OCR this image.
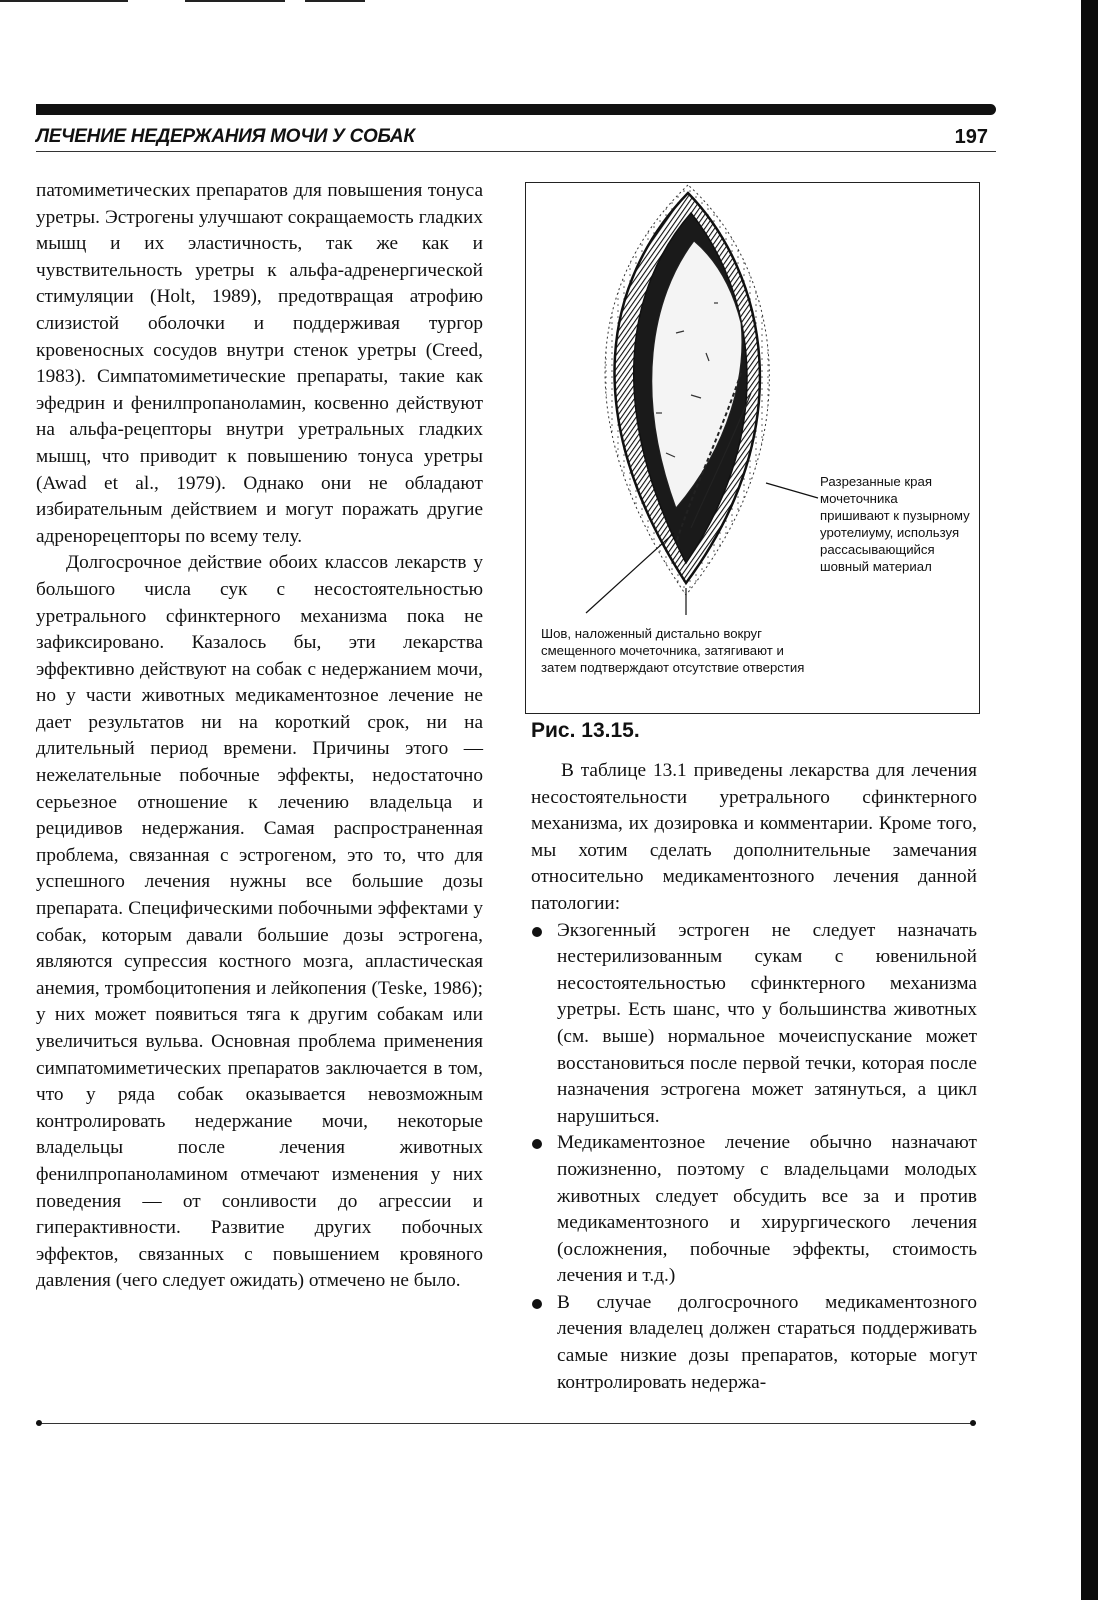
ЛЕЧЕНИЕ НЕДЕРЖАНИЯ МОЧИ У СОБАК	197

патомиметических препаратов для повышения тонуса уретры. Эстрогены улучшают сокращаемость гладких мышц и их эластичность, так же как и чувствительность уретры к альфа-адренергической стимуляции (Holt, 1989), предотвращая атрофию слизистой оболочки и поддерживая тургор кровеносных сосудов внутри стенок уретры (Creed, 1983). Симпатомиметические препараты, такие как эфедрин и фенилпропаноламин, косвенно действуют на альфа-рецепторы внутри уретральных гладких мышц, что приводит к повышению тонуса уретры (Awad et al., 1979). Однако они не обладают избирательным действием и могут поражать другие адренорецепторы по всему телу.

Долгосрочное действие обоих классов лекарств у большого числа сук с несостоятельностью уретрального сфинктерного механизма пока не зафиксировано. Казалось бы, эти лекарства эффективно действуют на собак с недержанием мочи, но у части животных медикаментозное лечение не дает результатов ни на короткий срок, ни на длительный период времени. Причины этого — нежелательные побочные эффекты, недостаточно серьезное отношение к лечению владельца и рецидивов недержания. Самая распространенная проблема, связанная с эстрогеном, это то, что для успешного лечения нужны все большие дозы препарата. Специфическими побочными эффектами у собак, которым давали большие дозы эстрогена, являются супрессия костного мозга, апластическая анемия, тромбоцитопения и лейкопения (Teske, 1986); у них может появиться тяга к другим собакам или увеличиться вульва. Основная проблема применения симпатомиметических препаратов заключается в том, что у ряда собак оказывается невозможным контролировать недержание мочи, некоторые владельцы после лечения животных фенилпропаноламином отмечают изменения у них поведения — от сонливости до агрессии и гиперактивности. Развитие других побочных эффектов, связанных с повышением кровяного давления (чего следует ожидать) отмечено не было.

Разрезанные края мочеточника пришивают к пузырному уротелиуму, используя рассасывающийся шовный материал
Шов, наложенный дистально вокруг смещенного мочеточника, затягивают и затем подтверждают отсутствие отверстия
Рис. 13.15.

В таблице 13.1 приведены лекарства для лечения несостоятельности уретрального сфинктерного механизма, их дозировка и комментарии. Кроме того, мы хотим сделать дополнительные замечания относительно медикаментозного лечения данной патологии:

Экзогенный эстроген не следует назначать нестерилизованным сукам с ювенильной несостоятельностью сфинктерного механизма уретры. Есть шанс, что у большинства животных (см. выше) нормальное мочеиспускание может восстановиться после первой течки, которая после назначения эстрогена может затянуться, а цикл нарушиться.
Медикаментозное лечение обычно назначают пожизненно, поэтому с владельцами молодых животных следует обсудить все за и против медикаментозного и хирургического лечения (осложнения, побочные эффекты, стоимость лечения и т.д.)
В случае долгосрочного медикаментозного лечения владелец должен стараться поддерживать самые низкие дозы препаратов, которые могут контролировать недержа-
